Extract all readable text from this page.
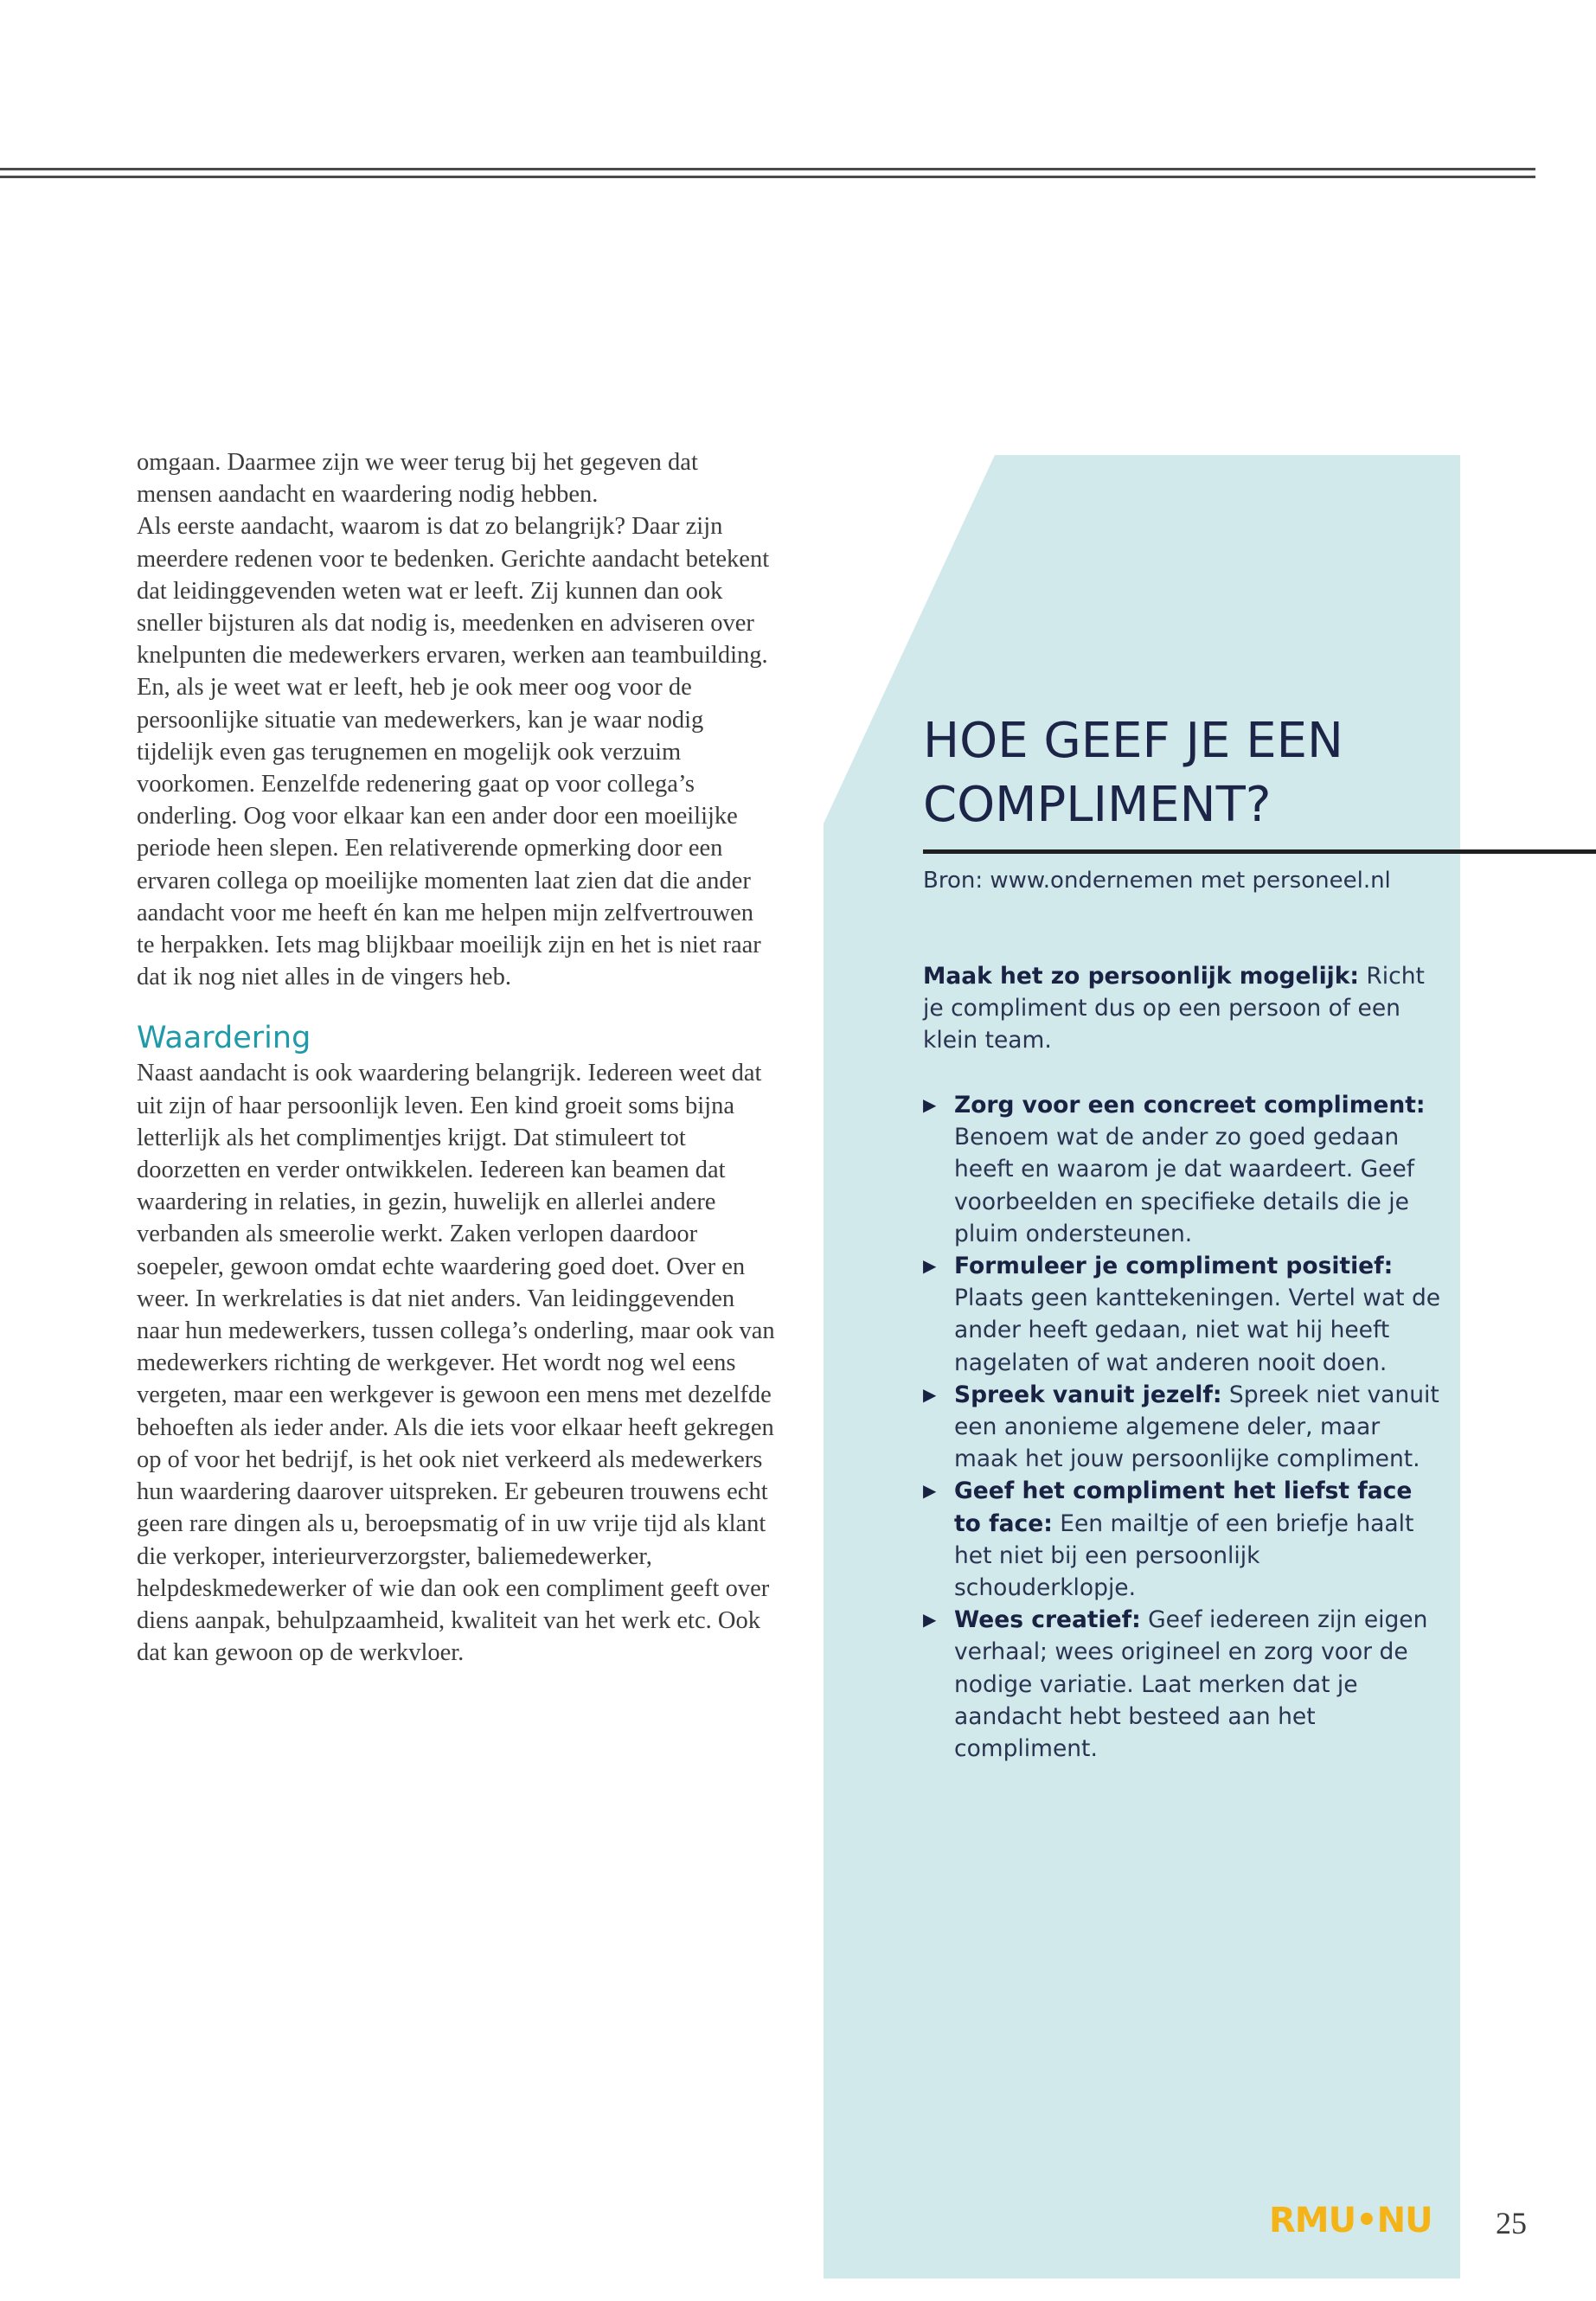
omgaan. Daarmee zijn we weer terug bij het gegeven dat mensen aandacht en waardering nodig hebben.

Als eerste aandacht, waarom is dat zo belangrijk? Daar zijn meerdere redenen voor te bedenken. Gerichte aandacht betekent dat leidinggevenden weten wat er leeft. Zij kunnen dan ook sneller bijsturen als dat nodig is, meedenken en adviseren over knelpunten die medewerkers ervaren, werken aan teambuilding. En, als je weet wat er leeft, heb je ook meer oog voor de persoonlijke situatie van medewerkers, kan je waar nodig tijdelijk even gas terugnemen en mogelijk ook verzuim voorkomen. Eenzelfde redenering gaat op voor collega’s onderling. Oog voor elkaar kan een ander door een moeilijke periode heen slepen. Een relativerende opmerking door een ervaren collega op moeilijke momenten laat zien dat die ander aandacht voor me heeft én kan me helpen mijn zelfvertrouwen te herpakken. Iets mag blijkbaar moeilijk zijn en het is niet raar dat ik nog niet alles in de vingers heb.

Waardering

Naast aandacht is ook waardering belangrijk. Iedereen weet dat uit zijn of haar persoonlijk leven. Een kind groeit soms bijna letterlijk als het complimentjes krijgt. Dat stimuleert tot doorzetten en verder ontwikkelen. Iedereen kan beamen dat waardering in relaties, in gezin, huwelijk en allerlei andere verbanden als smeerolie werkt. Zaken verlopen daardoor soepeler, gewoon omdat echte waardering goed doet. Over en weer. In werkrelaties is dat niet anders. Van leidinggevenden naar hun medewerkers, tussen collega’s onderling, maar ook van medewerkers richting de werkgever. Het wordt nog wel eens vergeten, maar een werkgever is gewoon een mens met dezelfde behoeften als ieder ander. Als die iets voor elkaar heeft gekregen op of voor het bedrijf, is het ook niet verkeerd als medewerkers hun waardering daarover uitspreken. Er gebeuren trouwens echt geen rare dingen als u, beroepsmatig of in uw vrije tijd als klant die verkoper, interieurverzorgster, baliemedewerker, helpdeskmedewerker of wie dan ook een compliment geeft over diens aanpak, behulpzaamheid, kwaliteit van het werk etc. Ook dat kan gewoon op de werkvloer.

HOE GEEF JE EEN
COMPLIMENT?
Bron: www.ondernemen met personeel.nl
Maak het zo persoonlijk mogelijk: Richt je compliment dus op een persoon of een klein team.
▶ Zorg voor een concreet compliment: Benoem wat de ander zo goed gedaan heeft en waarom je dat waardeert. Geef voorbeelden en specifieke details die je pluim ondersteunen.
▶ Formuleer je compliment positief: Plaats geen kanttekeningen. Vertel wat de ander heeft gedaan, niet wat hij heeft nagelaten of wat anderen nooit doen.
▶ Spreek vanuit jezelf: Spreek niet vanuit een anonieme algemene deler, maar maak het jouw persoonlijke compliment.
▶ Geef het compliment het liefst face to face: Een mailtje of een briefje haalt het niet bij een persoonlijk schouderklopje.
▶ Wees creatief: Geef iedereen zijn eigen verhaal; wees origineel en zorg voor de nodige variatie. Laat merken dat je aandacht hebt besteed aan het compliment.
RMU•NU 25
